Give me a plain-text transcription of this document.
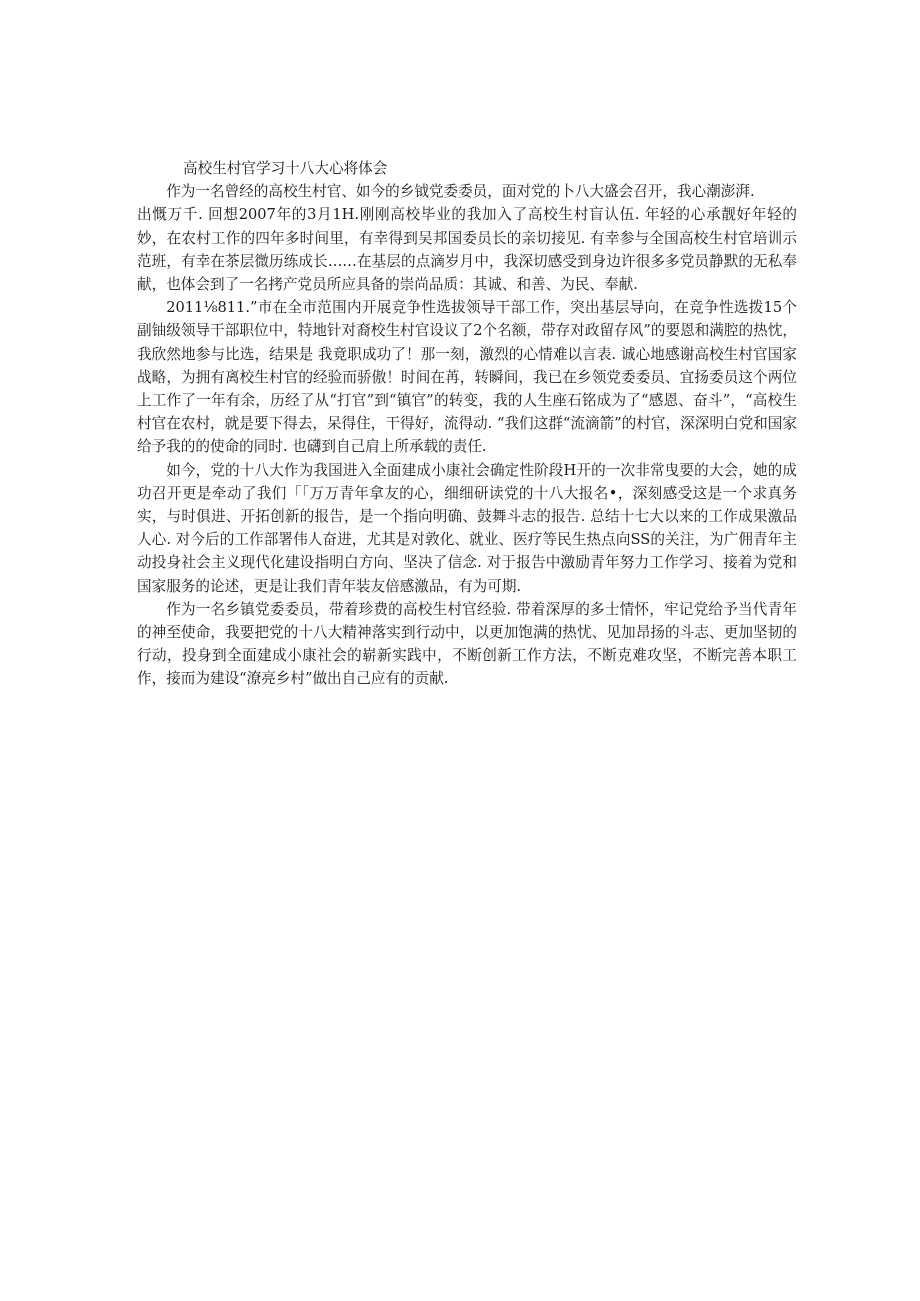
高校生村官学习十八大心将体会

作为一名曾经的高校生村官、如今的乡钺党委委员，面对党的卜八大盛会召开，我心潮澎湃.

出慨万千. 回想2007年的3月1H.刚刚高校毕业的我加入了高校生村盲认伍. 年轻的心承靓好年轻的妙，在农村工作的四年多时间里，有幸得到吴邦国委员长的亲切接见. 有幸参与全国高校生村官培训示范班，有幸在茶层微历练成长……在基层的点滴岁月中，我深切感受到身边许很多多党员静默的无私奉献，也体会到了一名拷产党员所应具备的崇尚品质：其诚、和善、为民、奉献.

2011⅛811.”市在全市范围内开展竞争性选拔领导干部工作，突出基层导向，在竞争性选拨15个副铀级领导干部职位中，特地针对裔校生村官设议了2个名额，带存对政留存风”的要恩和满腔的热忱，我欣然地参与比选，结果是 我竟职成功了！那一刻，激烈的心情难以言表. 诚心地感谢高校生村官国家战略，为拥有离校生村官的经验而骄傲！时间在苒，转瞬间，我已在乡领党委委员、宜扬委员这个两位上工作了一年有余，历经了从“打官”到“镇官”的转变，我的人生座石铭成为了“感恩、奋斗”，“高校生村官在农村，就是要下得去，呆得住，干得好，流得动. “我们这群“流滴箭”的村官，深深明白党和国家给予我的的使命的同时. 也礴到自己肩上所承载的责任.

如今，党的十八大作为我国进入全面建成小康社会确定性阶段H开的一次非常曳要的大会，她的成功召开更是牵动了我们「「万万青年拿友的心，细细研读党的十八大报名•，深刻感受这是一个求真务实，与时俱进、开拓创新的报告，是一个指向明确、鼓舞斗志的报告. 总结十七大以来的工作成果激品人心. 对今后的工作部署伟人奋进，尤其是对敦化、就业、医疗等民生热点向SS的关注，为广佣青年主动投身社会主义现代化建设指明白方向、坚决了信念. 对于报告中激励青年努力工作学习、接着为党和国家服务的论述，更是让我们青年装友倍感激品，有为可期.

作为一名乡镇党委委员，带着珍费的高校生村官经验. 带着深厚的多士情怀，牢记党给予当代青年的神至使命，我要把党的十八大精神落实到行动中，以更加饱满的热忧、见加昂扬的斗志、更加坚韧的行动，投身到全面建成小康社会的崭新实践中，不断创新工作方法，不断克难攻坚，不断完善本职工作，接而为建设“潦亮乡村”做出自己应有的贡献.
